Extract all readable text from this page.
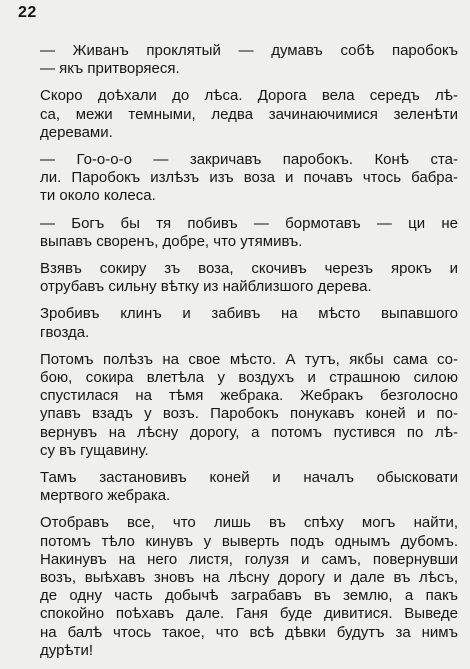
22

— Живанъ проклятый — думавъ собѣ паробокъ
— якъ притворяеся.

Скоро доѣхали до лѣса. Дорога вела середъ лѣ-
са, межи темными, ледва зачинаючимися зеленѣти
деревами.

— Го-о-о-о — закричавъ паробокъ. Конѣ ста-
ли. Паробокъ излѣзъ изъ воза и почавъ чтось бабра-
ти около колеса.

— Богъ бы тя побивъ — бормотавъ — ци не
выпавъ своренъ, добре, что утямивъ.

Взявъ сокиру зъ воза, скочивъ черезъ ярокъ и
отрубавъ сильну вѣтку из найблизшого дерева.

Зробивъ клинъ и забивъ на мѣсто выпавшого
гвозда.

Потомъ полѣзъ на свое мѣсто. А тутъ, якбы сама со-
бою, сокира влетѣла у воздухъ и страшною силою
спустилася на тѣмя жебрака. Жебракъ безголосно
упавъ взадъ у возъ. Паробокъ понукавъ коней и по-
вернувъ на лѣсну дорогу, а потомъ пустився по лѣ-
су въ гущавину.

Тамъ застановивъ коней и началъ обысковати
мертвого жебрака.

Отобравъ все, что лишь въ спѣху могъ найти,
потомъ тѣло кинувъ у выверть подъ однымъ дубомъ.
Накинувъ на него листя, голузя и самъ, повернувши
возъ, выѣхавъ зновъ на лѣсну дорогу и дале въ лѣсъ,
де одну часть добычѣ заграбавъ въ землю, а пакъ
спокойно поѣхавъ дале. Ганя буде дивитися. Выведе
на балѣ чтось такое, что всѣ дѣвки будутъ за нимъ
дурѣти!
